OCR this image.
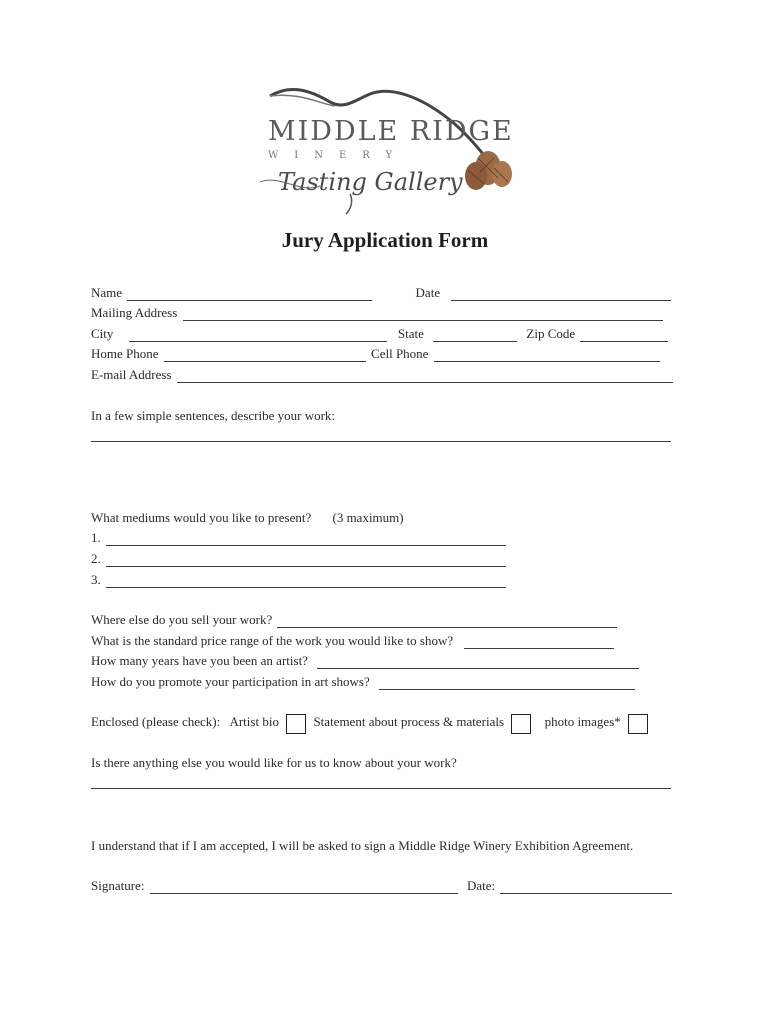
MIDDLE RIDGE
WINERY
Tasting Gallery
Jury Application Form
Name	Date
Mailing Address
City	State	Zip Code
Home Phone	Cell Phone
E-mail Address
In a few simple sentences, describe your work:
What mediums would you like to present? (3 maximum)
1.
2.
3.
Where else do you sell your work?
What is the standard price range of the work you would like to show?
How many years have you been an artist?
How do you promote your participation in art shows?
Enclosed (please check): Artist bio	Statement about process & materials	photo images*
Is there anything else you would like for us to know about your work?
I understand that if I am accepted, I will be asked to sign a Middle Ridge Winery Exhibition Agreement.
Signature:	Date:
